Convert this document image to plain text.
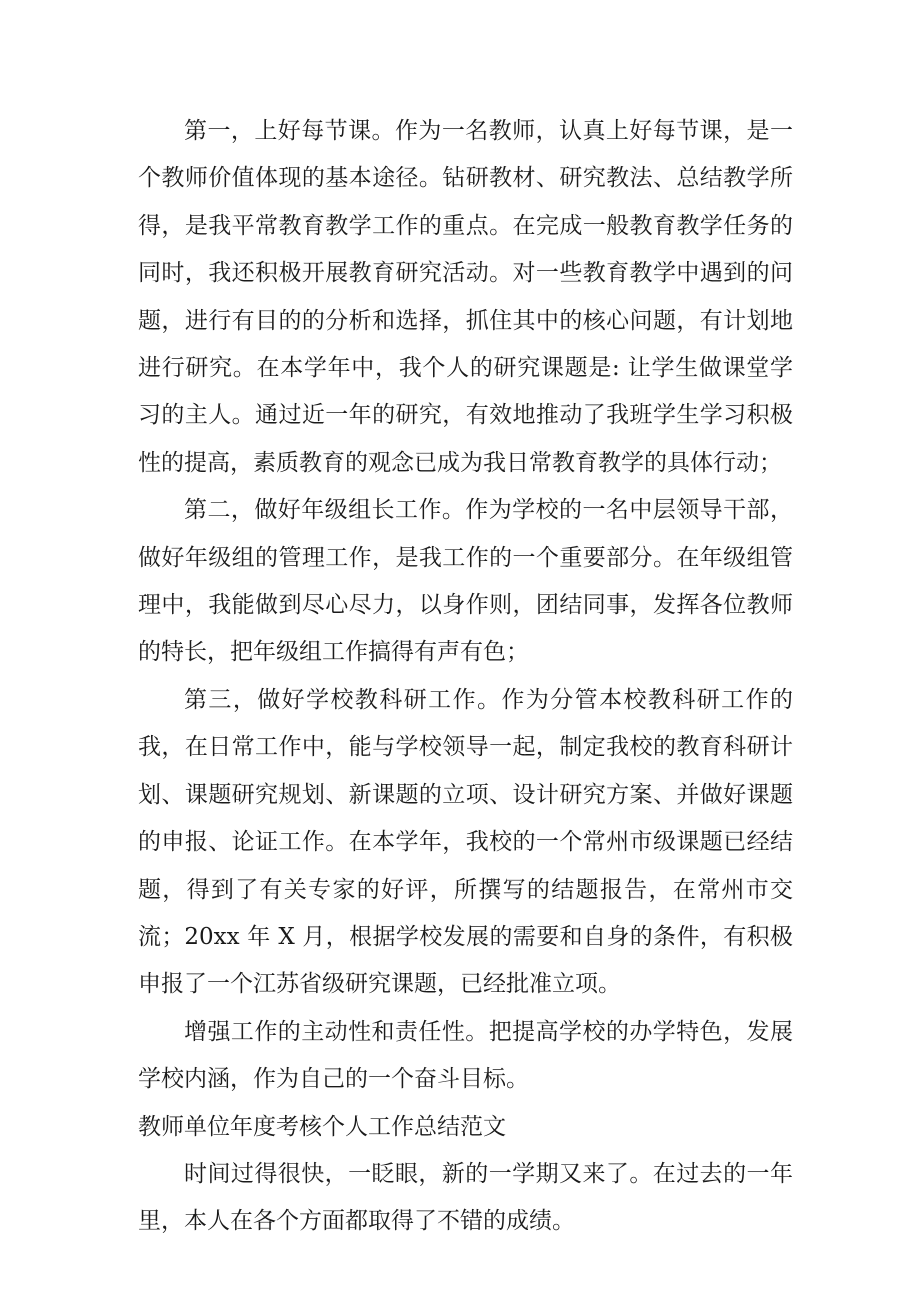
第一，上好每节课。作为一名教师，认真上好每节课，是一个教师价值体现的基本途径。钻研教材、研究教法、总结教学所得，是我平常教育教学工作的重点。在完成一般教育教学任务的同时，我还积极开展教育研究活动。对一些教育教学中遇到的问题，进行有目的的分析和选择，抓住其中的核心问题，有计划地进行研究。在本学年中，我个人的研究课题是: 让学生做课堂学习的主人。通过近一年的研究，有效地推动了我班学生学习积极性的提高，素质教育的观念已成为我日常教育教学的具体行动；

第二，做好年级组长工作。作为学校的一名中层领导干部，做好年级组的管理工作，是我工作的一个重要部分。在年级组管理中，我能做到尽心尽力，以身作则，团结同事，发挥各位教师的特长，把年级组工作搞得有声有色；

第三，做好学校教科研工作。作为分管本校教科研工作的我，在日常工作中，能与学校领导一起，制定我校的教育科研计划、课题研究规划、新课题的立项、设计研究方案、并做好课题的申报、论证工作。在本学年，我校的一个常州市级课题已经结题，得到了有关专家的好评，所撰写的结题报告，在常州市交流；20xx 年 X 月，根据学校发展的需要和自身的条件，有积极申报了一个江苏省级研究课题，已经批准立项。

增强工作的主动性和责任性。把提高学校的办学特色，发展学校内涵，作为自己的一个奋斗目标。

教师单位年度考核个人工作总结范文

时间过得很快，一眨眼，新的一学期又来了。在过去的一年里，本人在各个方面都取得了不错的成绩。
